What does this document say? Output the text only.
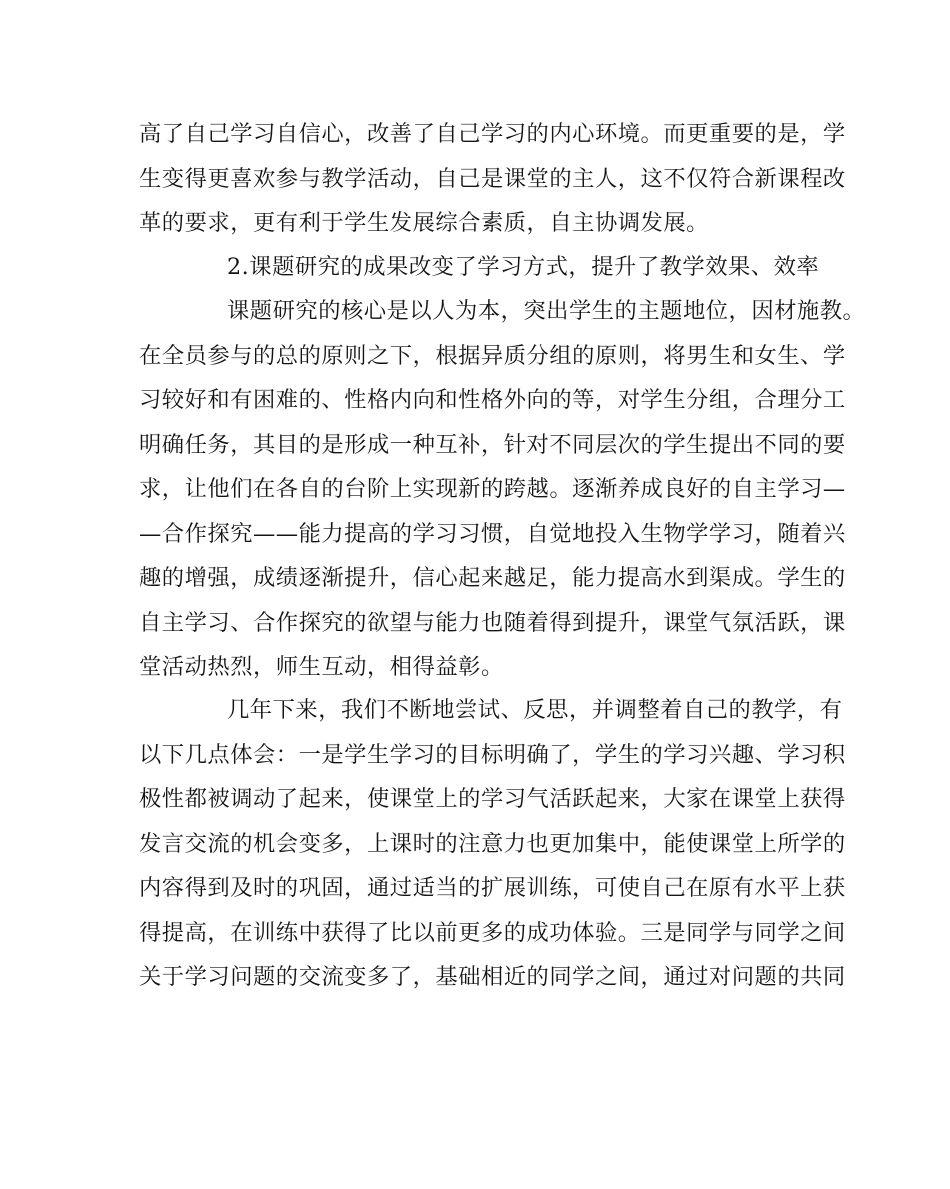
高了自己学习自信心，改善了自己学习的内心环境。而更重要的是，学
生变得更喜欢参与教学活动，自己是课堂的主人，这不仅符合新课程改
革的要求，更有利于学生发展综合素质，自主协调发展。
2.课题研究的成果改变了学习方式，提升了教学效果、效率
课题研究的核心是以人为本，突出学生的主题地位，因材施教。
在全员参与的总的原则之下，根据异质分组的原则，将男生和女生、学
习较好和有困难的、性格内向和性格外向的等，对学生分组，合理分工
明确任务，其目的是形成一种互补，针对不同层次的学生提出不同的要
求，让他们在各自的台阶上实现新的跨越。逐渐养成良好的自主学习—
—合作探究——能力提高的学习习惯，自觉地投入生物学学习，随着兴
趣的增强，成绩逐渐提升，信心起来越足，能力提高水到渠成。学生的
自主学习、合作探究的欲望与能力也随着得到提升，课堂气氛活跃，课
堂活动热烈，师生互动，相得益彰。
几年下来，我们不断地尝试、反思，并调整着自己的教学，有
以下几点体会：一是学生学习的目标明确了，学生的学习兴趣、学习积
极性都被调动了起来，使课堂上的学习气活跃起来，大家在课堂上获得
发言交流的机会变多，上课时的注意力也更加集中，能使课堂上所学的
内容得到及时的巩固，通过适当的扩展训练，可使自己在原有水平上获
得提高，在训练中获得了比以前更多的成功体验。三是同学与同学之间
关于学习问题的交流变多了，基础相近的同学之间，通过对问题的共同
